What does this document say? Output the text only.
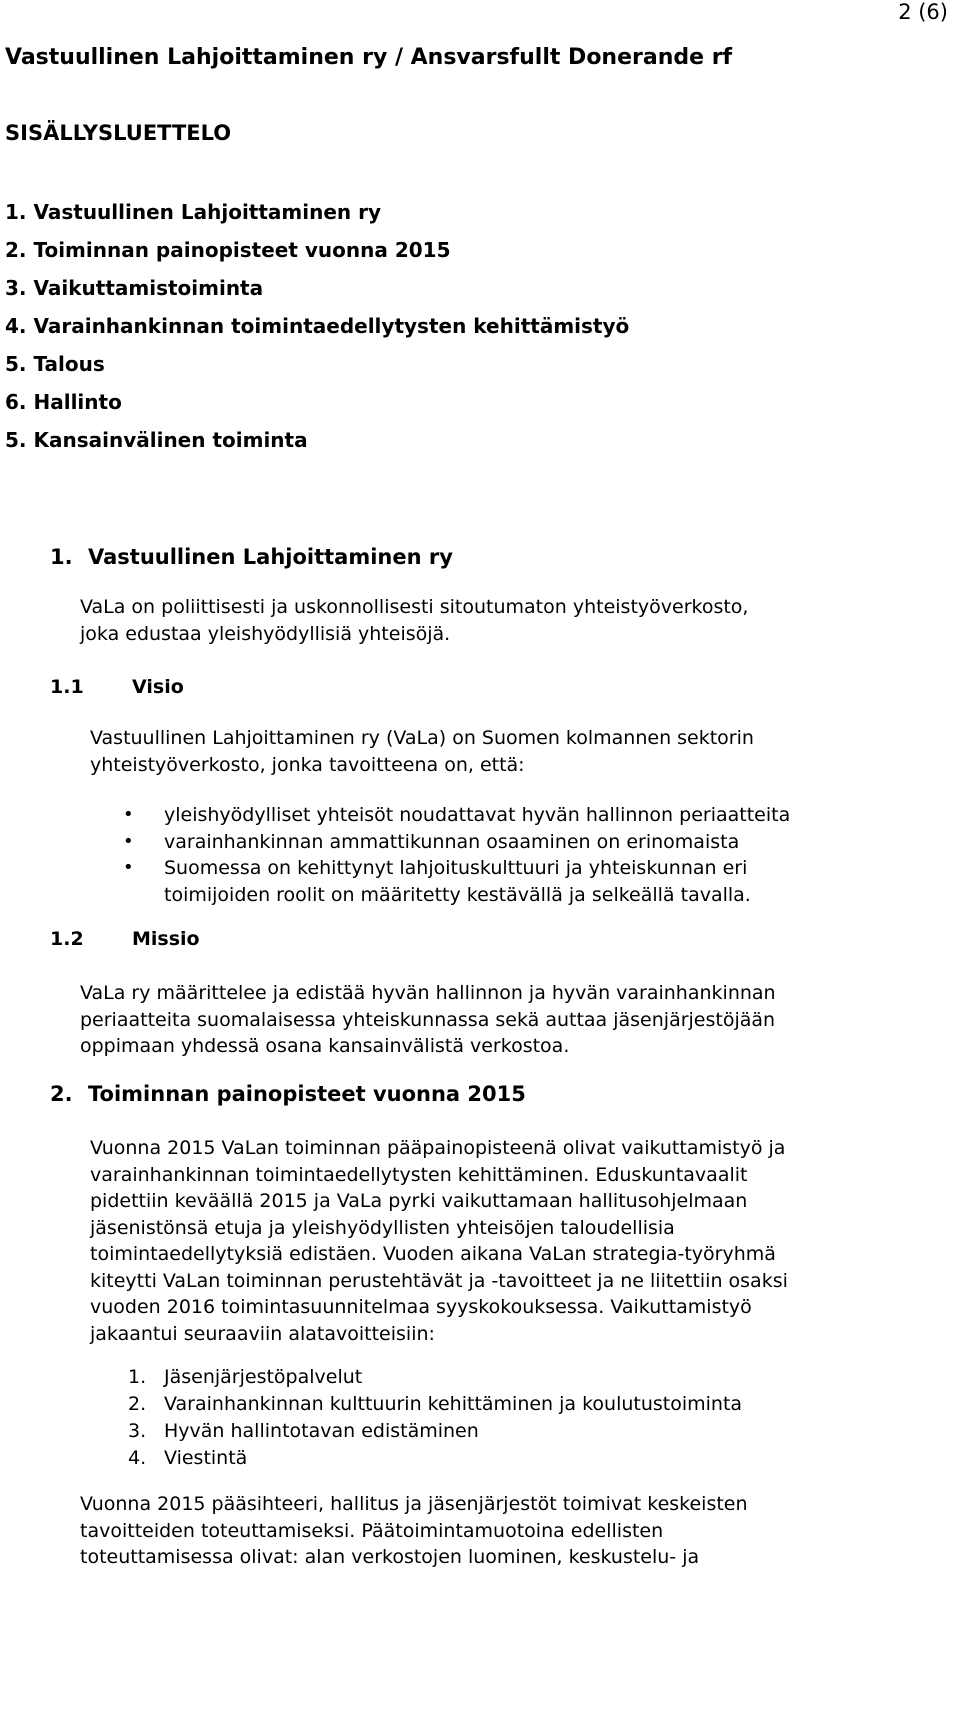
2 (6)
Vastuullinen Lahjoittaminen ry / Ansvarsfullt Donerande rf
SISÄLLYSLUETTELO
1. Vastuullinen Lahjoittaminen ry
2. Toiminnan painopisteet vuonna 2015
3. Vaikuttamistoiminta
4. Varainhankinnan toimintaedellytysten kehittämistyö
5. Talous
6. Hallinto
5. Kansainvälinen toiminta
1. Vastuullinen Lahjoittaminen ry
VaLa on poliittisesti ja uskonnollisesti sitoutumaton yhteistyöverkosto,
joka edustaa yleishyödyllisiä yhteisöjä.
1.1	Visio
Vastuullinen Lahjoittaminen ry (VaLa) on Suomen kolmannen sektorin
yhteistyöverkosto, jonka tavoitteena on, että:
• yleishyödylliset yhteisöt noudattavat hyvän hallinnon periaatteita
• varainhankinnan ammattikunnan osaaminen on erinomaista
• Suomessa on kehittynyt lahjoituskulttuuri ja yhteiskunnan eri
toimijoiden roolit on määritetty kestävällä ja selkeällä tavalla.
1.2	Missio
VaLa ry määrittelee ja edistää hyvän hallinnon ja hyvän varainhankinnan
periaatteita suomalaisessa yhteiskunnassa sekä auttaa jäsenjärjestöjään
oppimaan yhdessä osana kansainvälistä verkostoa.
2. Toiminnan painopisteet vuonna 2015
Vuonna 2015 VaLan toiminnan pääpainopisteenä olivat vaikuttamistyö ja
varainhankinnan toimintaedellytysten kehittäminen. Eduskuntavaalit
pidettiin keväällä 2015 ja VaLa pyrki vaikuttamaan hallitusohjelmaan
jäsenistönsä etuja ja yleishyödyllisten yhteisöjen taloudellisia
toimintaedellytyksiä edistäen. Vuoden aikana VaLan strategia-työryhmä
kiteytti VaLan toiminnan perustehtävät ja -tavoitteet ja ne liitettiin osaksi
vuoden 2016 toimintasuunnitelmaa syyskokouksessa. Vaikuttamistyö
jakaantui seuraaviin alatavoitteisiin:
1. Jäsenjärjestöpalvelut
2. Varainhankinnan kulttuurin kehittäminen ja koulutustoiminta
3. Hyvän hallintotavan edistäminen
4. Viestintä
Vuonna 2015 pääsihteeri, hallitus ja jäsenjärjestöt toimivat keskeisten
tavoitteiden toteuttamiseksi. Päätoimintamuotoina edellisten
toteuttamisessa olivat: alan verkostojen luominen, keskustelu- ja
